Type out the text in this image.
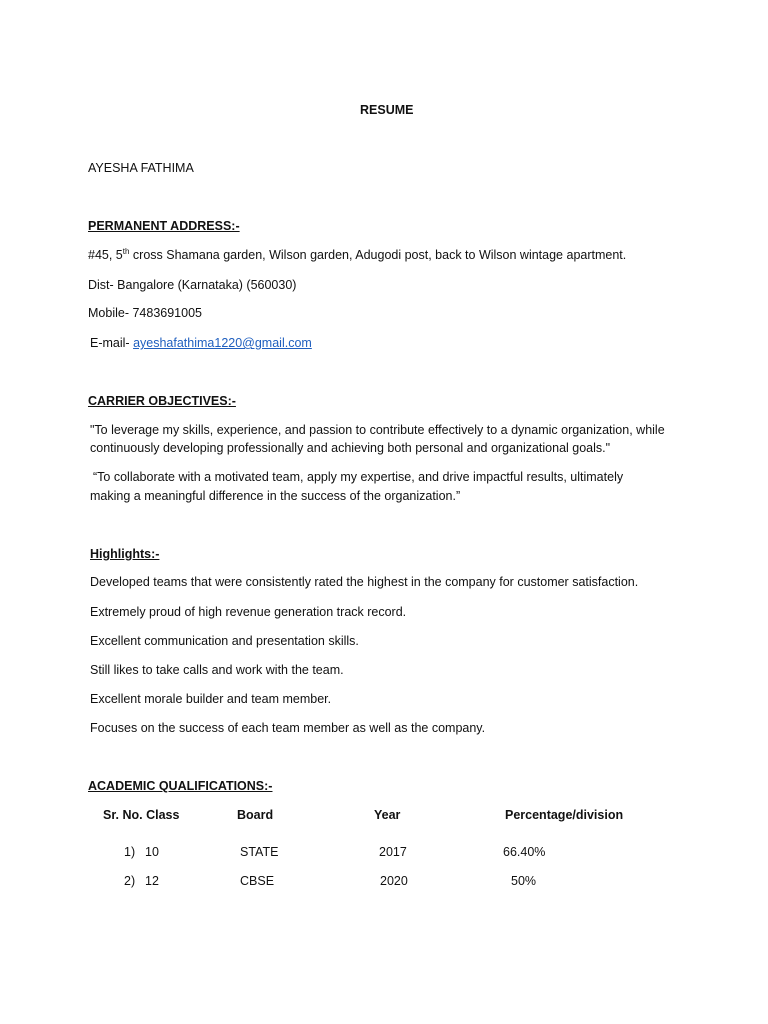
RESUME
AYESHA FATHIMA
PERMANENT ADDRESS:-
#45, 5th cross Shamana garden, Wilson garden, Adugodi post, back to Wilson wintage apartment.
Dist- Bangalore (Karnataka) (560030)
Mobile- 7483691005
E-mail- ayeshafathima1220@gmail.com
CARRIER OBJECTIVES:-
"To leverage my skills, experience, and passion to contribute effectively to a dynamic organization, while
continuously developing professionally and achieving both personal and organizational goals."
“To collaborate with a motivated team, apply my expertise, and drive impactful results, ultimately
making a meaningful difference in the success of the organization.”
Highlights:-
Developed teams that were consistently rated the highest in the company for customer satisfaction.
Extremely proud of high revenue generation track record.
Excellent communication and presentation skills.
Still likes to take calls and work with the team.
Excellent morale builder and team member.
Focuses on the success of each team member as well as the company.
ACADEMIC QUALIFICATIONS:-
Sr. No. Class	Board	Year	Percentage/division
1) 10	STATE	2017	66.40%
2) 12	CBSE	2020	50%
